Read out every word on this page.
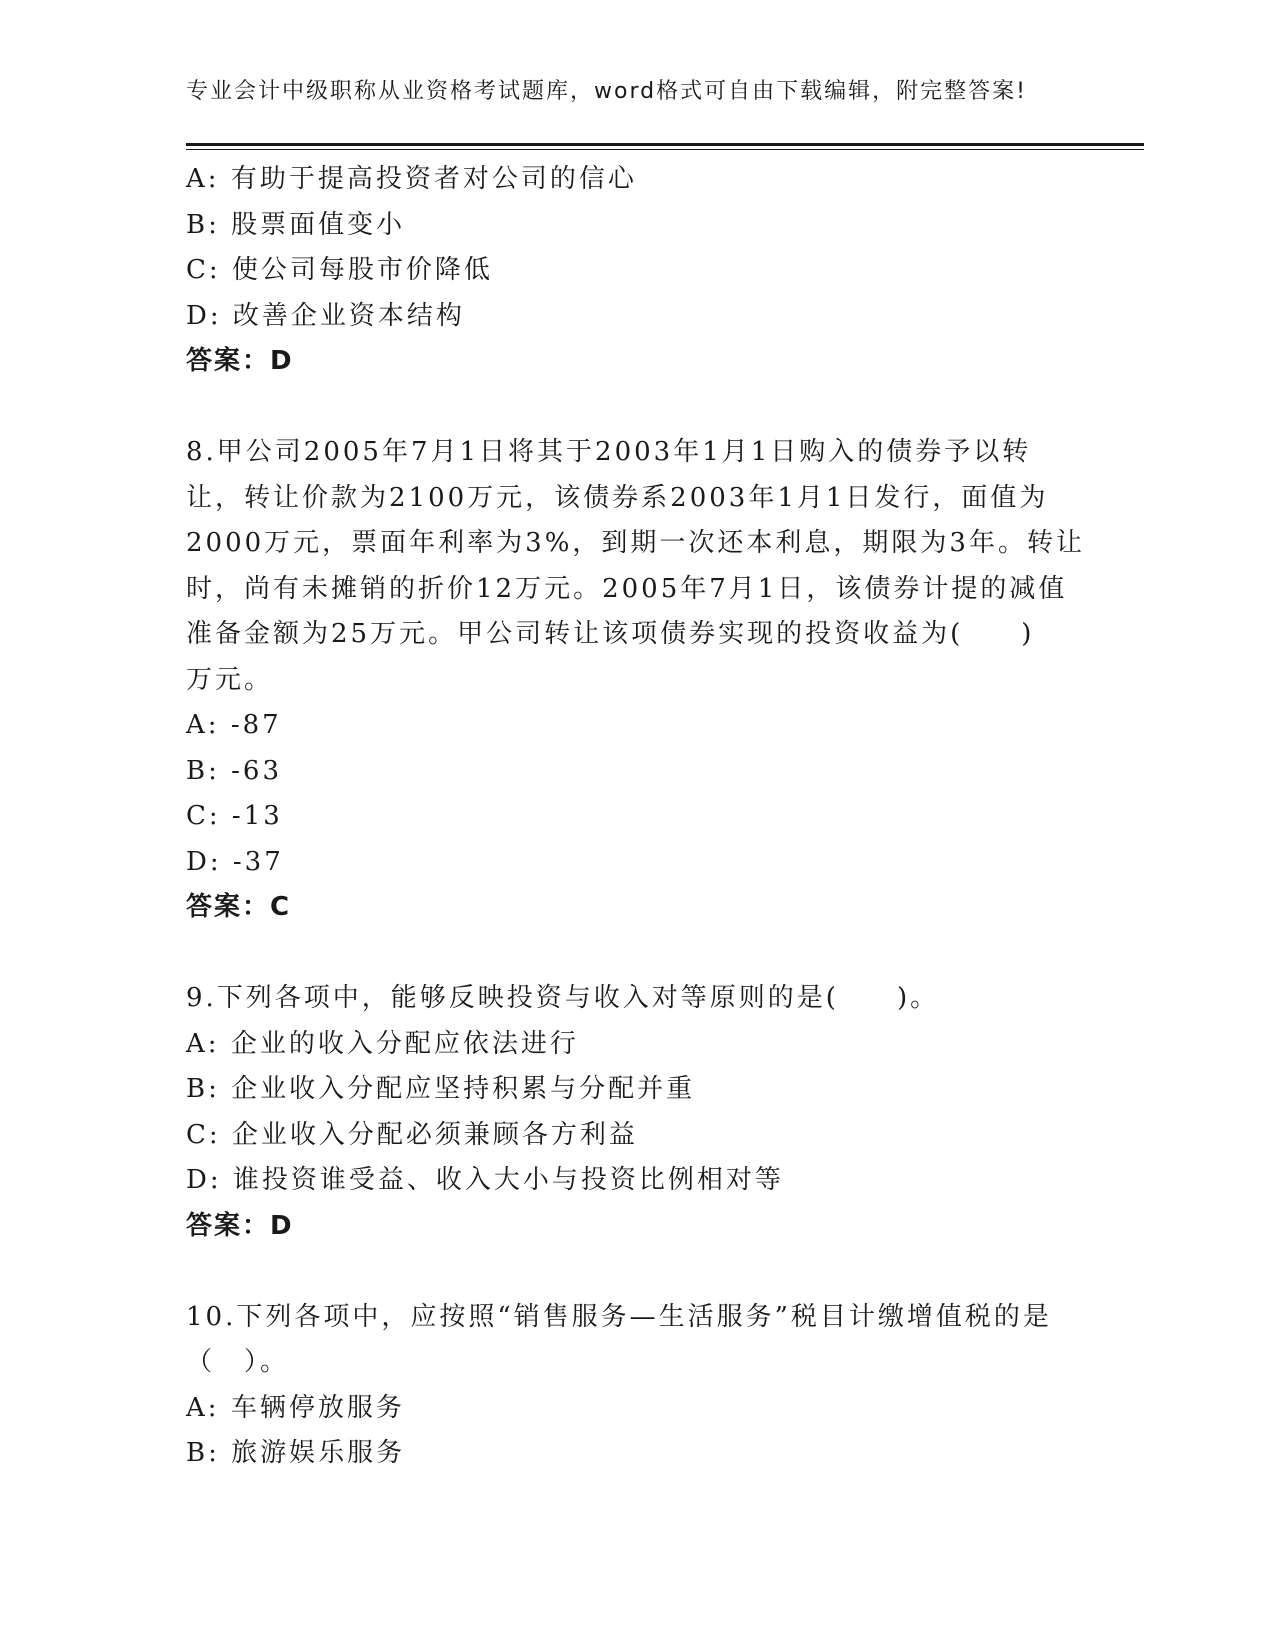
专业会计中级职称从业资格考试题库，word格式可自由下载编辑，附完整答案!
A: 有助于提高投资者对公司的信心
B: 股票面值变小
C: 使公司每股市价降低
D: 改善企业资本结构
答案：D
8.甲公司2005年7月1日将其于2003年1月1日购入的债券予以转
让，转让价款为2100万元，该债券系2003年1月1日发行，面值为
2000万元，票面年利率为3%，到期一次还本利息，期限为3年。转让
时，尚有未摊销的折价12万元。2005年7月1日，该债券计提的减值
准备金额为25万元。甲公司转让该项债券实现的投资收益为(　　)
万元。
A: -87
B: -63
C: -13
D: -37
答案：C
9.下列各项中，能够反映投资与收入对等原则的是(　　)。
A: 企业的收入分配应依法进行
B: 企业收入分配应坚持积累与分配并重
C: 企业收入分配必须兼顾各方利益
D: 谁投资谁受益、收入大小与投资比例相对等
答案：D
10.下列各项中，应按照“销售服务—生活服务”税目计缴增值税的是
（　）。
A: 车辆停放服务
B: 旅游娱乐服务
